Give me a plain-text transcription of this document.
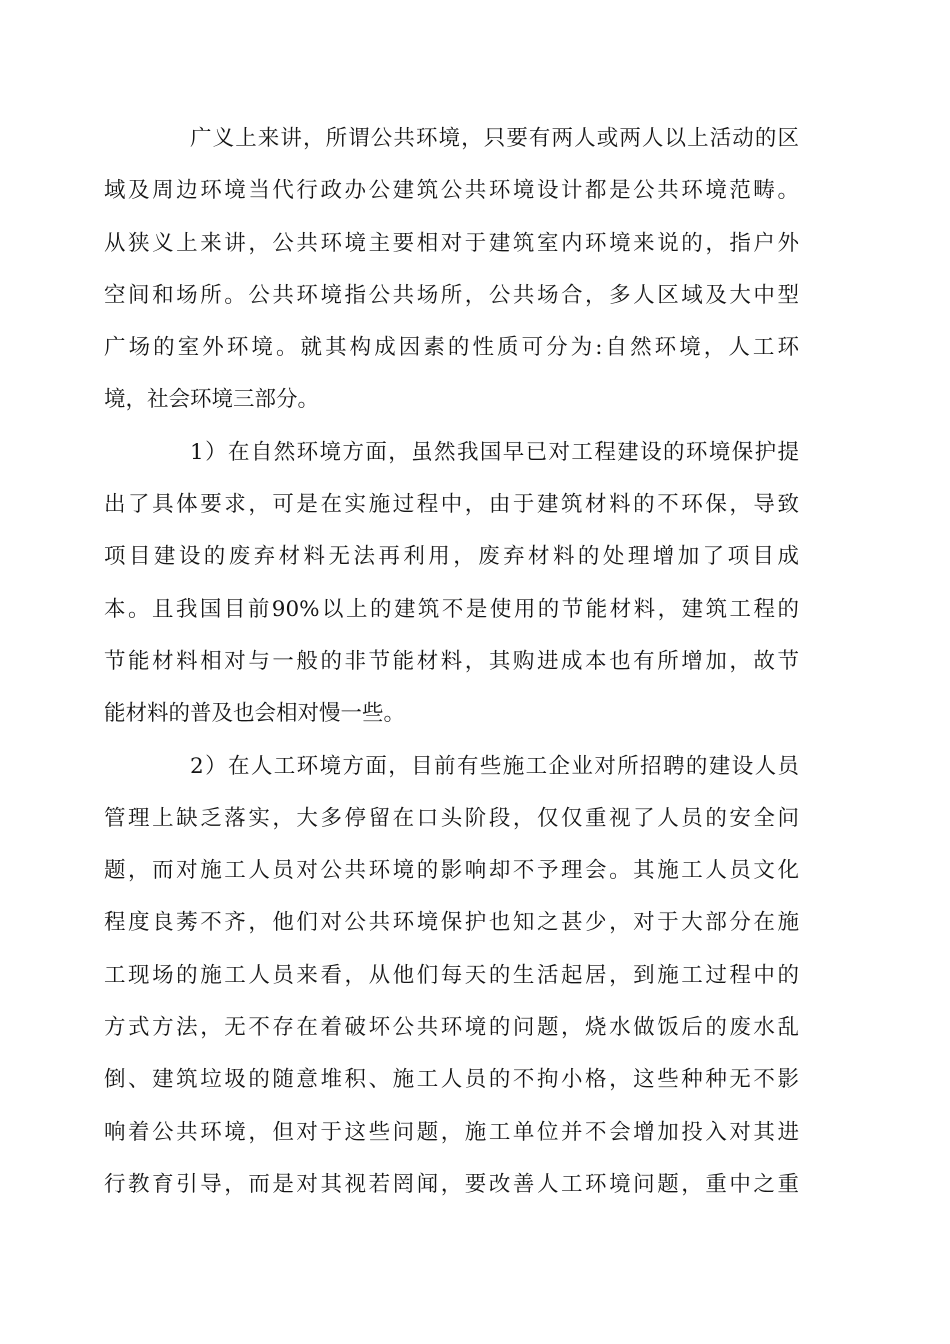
广义上来讲，所谓公共环境，只要有两人或两人以上活动的区
域及周边环境当代行政办公建筑公共环境设计都是公共环境范畴。
从狭义上来讲，公共环境主要相对于建筑室内环境来说的，指户外
空间和场所。公共环境指公共场所，公共场合，多人区域及大中型
广场的室外环境。就其构成因素的性质可分为:自然环境，人工环
境，社会环境三部分。

1）在自然环境方面，虽然我国早已对工程建设的环境保护提
出了具体要求，可是在实施过程中，由于建筑材料的不环保，导致
项目建设的废弃材料无法再利用，废弃材料的处理增加了项目成
本。且我国目前90%以上的建筑不是使用的节能材料，建筑工程的
节能材料相对与一般的非节能材料，其购进成本也有所增加，故节
能材料的普及也会相对慢一些。

2）在人工环境方面，目前有些施工企业对所招聘的建设人员
管理上缺乏落实，大多停留在口头阶段，仅仅重视了人员的安全问
题，而对施工人员对公共环境的影响却不予理会。其施工人员文化
程度良莠不齐，他们对公共环境保护也知之甚少，对于大部分在施
工现场的施工人员来看，从他们每天的生活起居，到施工过程中的
方式方法，无不存在着破坏公共环境的问题，烧水做饭后的废水乱
倒、建筑垃圾的随意堆积、施工人员的不拘小格，这些种种无不影
响着公共环境，但对于这些问题，施工单位并不会增加投入对其进
行教育引导，而是对其视若罔闻，要改善人工环境问题，重中之重
